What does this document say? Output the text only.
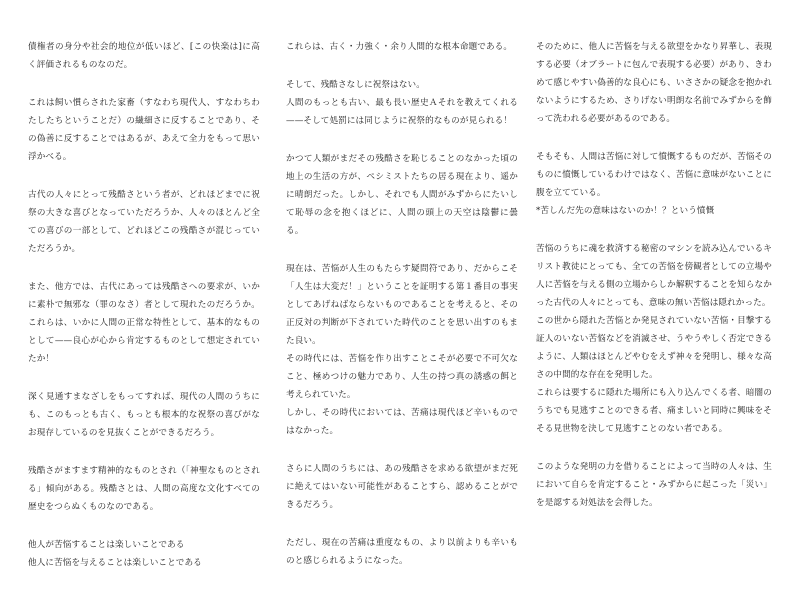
債権者の身分や社会的地位が低いほど、[この快楽は]に高く評価されるものなのだ。

これは飼い慣らされた家畜（すなわち現代人、すなわちわたしたちということだ）の繊細さに反することであり、その偽善に反することではあるが、あえて全力をもって思い浮かべる。

古代の人々にとって残酷さという者が、どれほどまでに祝祭の大きな喜びとなっていただろうか、人々のほとんど全ての喜びの一部として、どれほどこの残酷さが混じっていただろうか。

また、他方では、古代にあっては残酷さへの要求が、いかに素朴で無邪な（罪のなさ）者として現れたのだろうか。これらは、いかに人間の正常な特性として、基本的なものとして——良心が心から肯定するものとして想定されていたか！

深く見通すまなざしをもってすれば、現代の人間のうちにも、このもっとも古く、もっとも根本的な祝祭の喜びがなお現存しているのを見抜くことができるだろう。

残酷さがますます精神的なものとされ（「神聖なものとされる」傾向がある。残酷さとは、人間の高度な文化すべての歴史をつらぬくものなのである。

他人が苦悩することは楽しいことである
他人に苦悩を与えることは楽しいことである

これらは、古く・力強く・余り人間的な根本命題である。

そして、残酷さなしに祝祭はない。
人間のもっとも古い、最も長い歴史Ａそれを教えてくれる——そして処罰には同じように祝祭的なものが見られる！

かつて人類がまだその残酷さを恥じることのなかった頃の地上の生活の方が、ペシミストたちの居る現在より、遥かに晴朗だった。しかし、それでも人間がみずからにたいして恥辱の念を抱くほどに、人間の頭上の天空は陰鬱に曇る。

現在は、苦悩が人生のもたらす疑問符であり、だからこそ「人生は大変だ！」ということを証明する第１番目の事実としてあげねばならないものであることを考えると、その正反対の判断が下されていた時代のことを思い出すのもまた良い。
その時代には、苦悩を作り出すことこそが必要で不可欠なこと、極めつけの魅力であり、人生の持つ真の誘惑の餌と考えられていた。
しかし、その時代においては、苦痛は現代ほど辛いものではなかった。

さらに人間のうちには、あの残酷さを求める欲望がまだ死に絶えてはいない可能性があることすら、認めることができるだろう。

ただし、現在の苦痛は重度なもの、より以前よりも辛いものと感じられるようになった。

そのために、他人に苦悩を与える欲望をかなり昇華し、表現する必要（オブラートに包んで表現する必要）があり、きわめて感じやすい偽善的な良心にも、いささかの疑念を抱かれないようにするため、さりげない明朗な名前でみずからを飾って洗われる必要があるのである。

そもそも、人間は苦悩に対して憤慨するものだが、苦悩そのものに憤慨しているわけではなく、苦悩に意味がないことに腹を立てている。
*苦しんだ先の意味はないのか！？という憤慨

苦悩のうちに魂を救済する秘密のマシンを読み込んでいるキリスト教徒にとっても、全ての苦悩を傍観者としての立場や人に苦悩を与える側の立場からしか解釈することを知らなかった古代の人々にとっても、意味の無い苦悩は隠れかった。
この世から隠れた苦悩とか発見されていない苦悩・目撃する証人のいない苦悩などを消滅させ、うやうやしく否定できるように、人類はほとんどやむをえず神々を発明し、様々な高さの中間的な存在を発明した。
これらは要するに隠れた場所にも入り込んでくる者、暗闇のうちでも見逃すことのできる者、痛ましいと同時に興味をそそる見世物を決して見逃すことのない者である。

このような発明の力を借りることによって当時の人々は、生において自らを肯定すること・みずからに起こった「災い」を是認する対処法を会得した。
